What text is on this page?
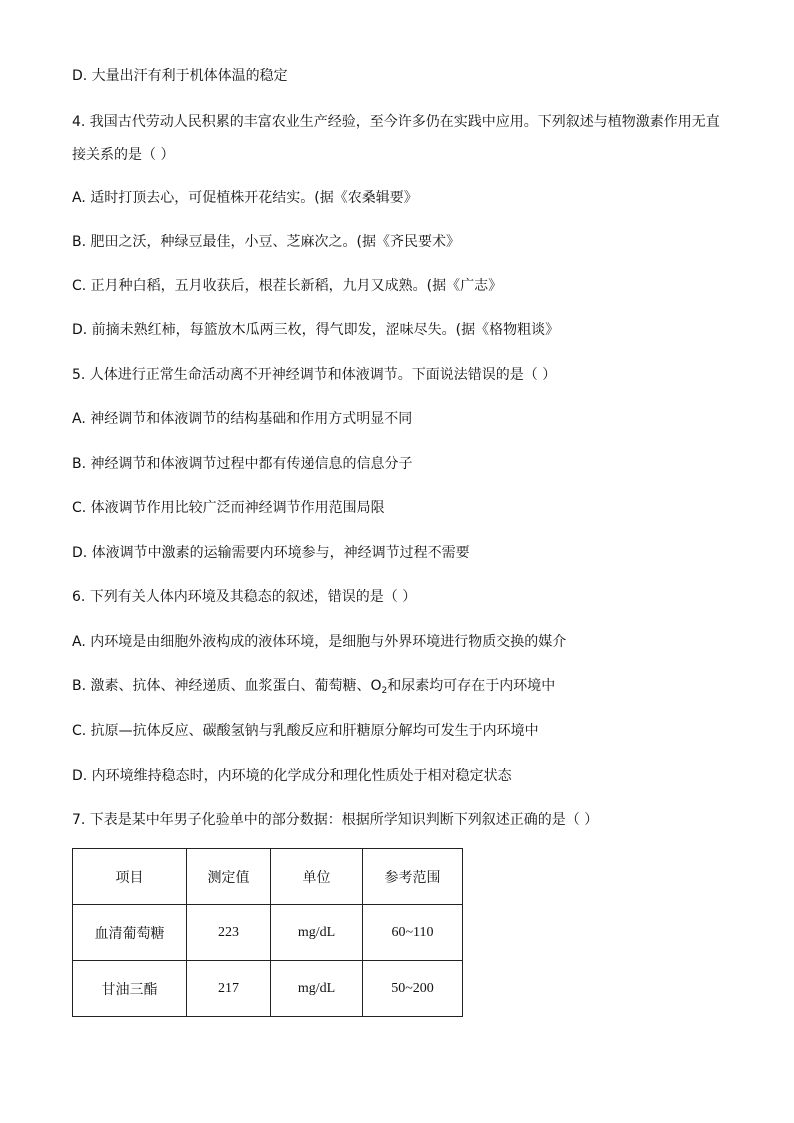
D. 大量出汗有利于机体体温的稳定
4. 我国古代劳动人民积累的丰富农业生产经验，至今许多仍在实践中应用。下列叙述与植物激素作用无直接关系的是（ ）
A. 适时打顶去心，可促植株开花结实。(据《农桑辑要》
B. 肥田之沃，种绿豆最佳，小豆、芝麻次之。(据《齐民要术》
C. 正月种白稻，五月收获后，根茬长新稻，九月又成熟。(据《广志》
D. 前摘未熟红柿，每篮放木瓜两三枚，得气即发，涩味尽失。(据《格物粗谈》
5. 人体进行正常生命活动离不开神经调节和体液调节。下面说法错误的是（ ）
A. 神经调节和体液调节的结构基础和作用方式明显不同
B. 神经调节和体液调节过程中都有传递信息的信息分子
C. 体液调节作用比较广泛而神经调节作用范围局限
D. 体液调节中激素的运输需要内环境参与，神经调节过程不需要
6. 下列有关人体内环境及其稳态的叙述，错误的是（ ）
A. 内环境是由细胞外液构成的液体环境，是细胞与外界环境进行物质交换的媒介
B. 激素、抗体、神经递质、血浆蛋白、葡萄糖、$O_2$和尿素均可存在于内环境中
C. 抗原—抗体反应、碳酸氢钠与乳酸反应和肝糖原分解均可发生于内环境中
D. 内环境维持稳态时，内环境的化学成分和理化性质处于相对稳定状态
7. 下表是某中年男子化验单中的部分数据：根据所学知识判断下列叙述正确的是（ ）
项目	测定值	单位	参考范围
血清葡萄糖	223	mg/dL	60~110
甘油三酯	217	mg/dL	50~200
